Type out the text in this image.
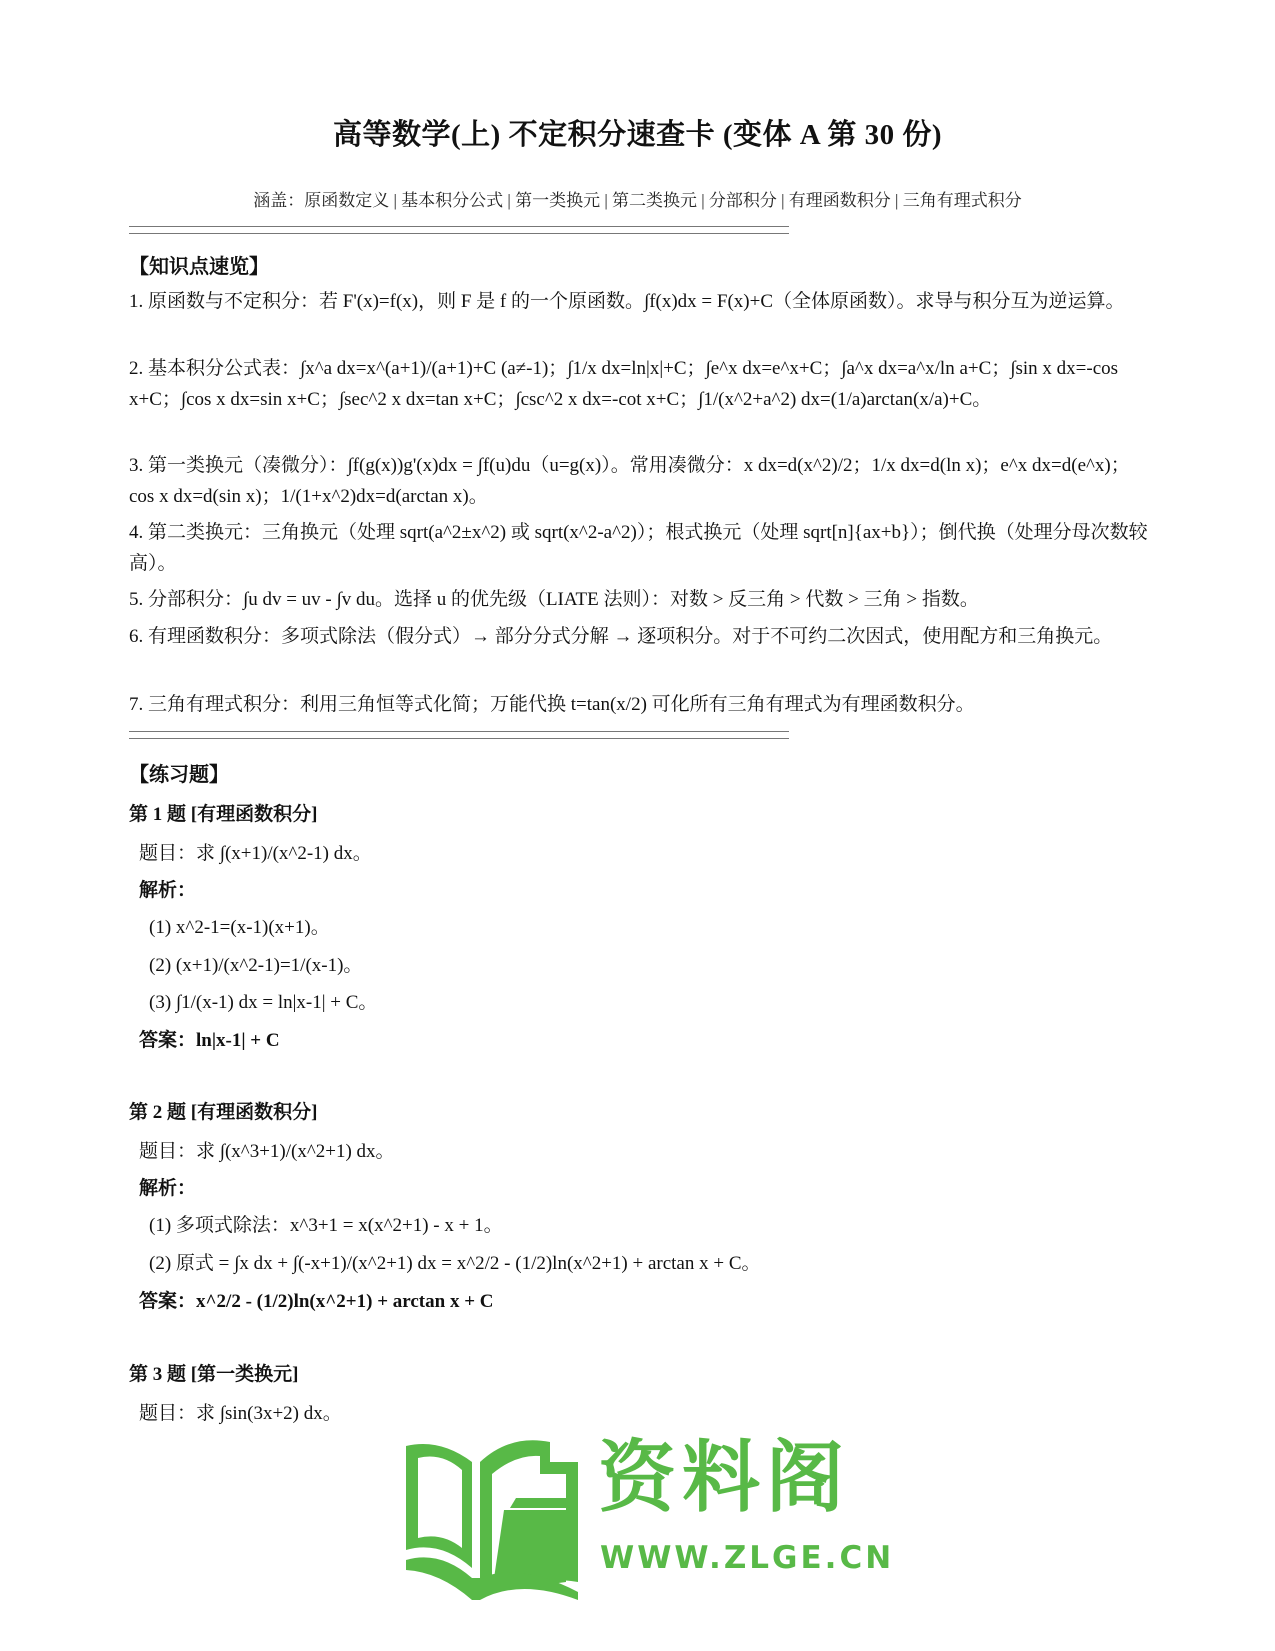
高等数学(上) 不定积分速查卡 (变体 A 第 30 份)
涵盖：原函数定义 | 基本积分公式 | 第一类换元 | 第二类换元 | 分部积分 | 有理函数积分 | 三角有理式积分
【知识点速览】
1. 原函数与不定积分：若 F'(x)=f(x)，则 F 是 f 的一个原函数。∫f(x)dx = F(x)+C（全体原函数）。求导与积分互为逆运算。
2. 基本积分公式表：∫x^a dx=x^(a+1)/(a+1)+C (a≠-1)；∫1/x dx=ln|x|+C；∫e^x dx=e^x+C；∫a^x dx=a^x/ln a+C；∫sin x dx=-cos x+C；∫cos x dx=sin x+C；∫sec^2 x dx=tan x+C；∫csc^2 x dx=-cot x+C；∫1/(x^2+a^2) dx=(1/a)arctan(x/a)+C。
3. 第一类换元（凑微分）：∫f(g(x))g'(x)dx = ∫f(u)du（u=g(x)）。常用凑微分：x dx=d(x^2)/2；1/x dx=d(ln x)；e^x dx=d(e^x)；cos x dx=d(sin x)；1/(1+x^2)dx=d(arctan x)。
4. 第二类换元：三角换元（处理 sqrt(a^2±x^2) 或 sqrt(x^2-a^2)）；根式换元（处理 sqrt[n]{ax+b}）；倒代换（处理分母次数较高）。
5. 分部积分：∫u dv = uv - ∫v du。选择 u 的优先级（LIATE 法则）：对数 > 反三角 > 代数 > 三角 > 指数。
6. 有理函数积分：多项式除法（假分式）→ 部分分式分解 → 逐项积分。对于不可约二次因式，使用配方和三角换元。
7. 三角有理式积分：利用三角恒等式化简；万能代换 t=tan(x/2) 可化所有三角有理式为有理函数积分。
【练习题】
第 1 题 [有理函数积分]
题目：求 ∫(x+1)/(x^2-1) dx。
解析：
(1) x^2-1=(x-1)(x+1)。
(2) (x+1)/(x^2-1)=1/(x-1)。
(3) ∫1/(x-1) dx = ln|x-1| + C。
答案：ln|x-1| + C
第 2 题 [有理函数积分]
题目：求 ∫(x^3+1)/(x^2+1) dx。
解析：
(1) 多项式除法：x^3+1 = x(x^2+1) - x + 1。
(2) 原式 = ∫x dx + ∫(-x+1)/(x^2+1) dx = x^2/2 - (1/2)ln(x^2+1) + arctan x + C。
答案：x^2/2 - (1/2)ln(x^2+1) + arctan x + C
第 3 题 [第一类换元]
题目：求 ∫sin(3x+2) dx。
资料阁
WWW.ZLGE.CN
